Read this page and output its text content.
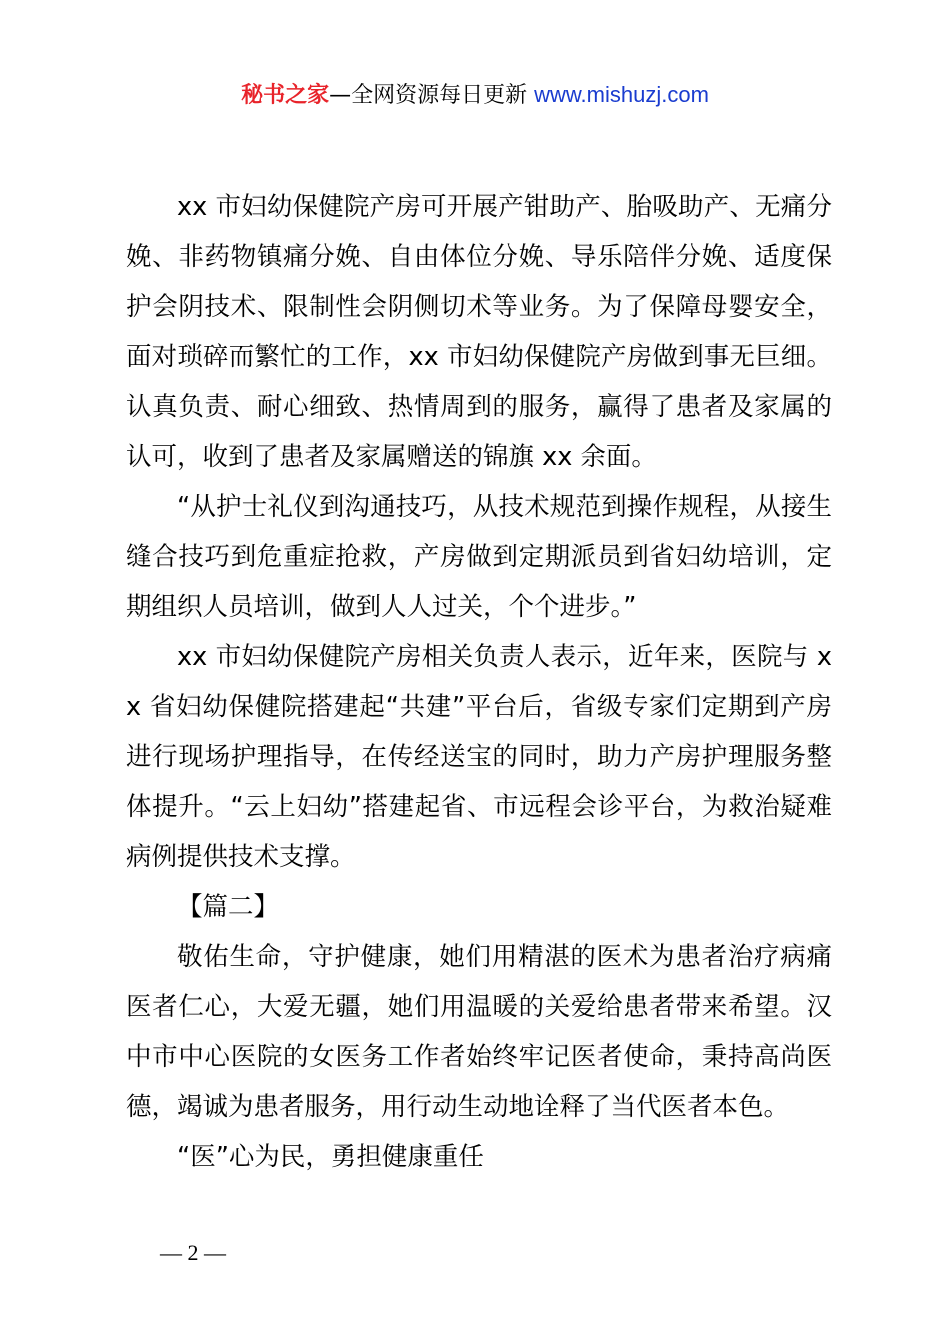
秘书之家—全网资源每日更新 www.mishuzj.com

xx 市妇幼保健院产房可开展产钳助产、胎吸助产、无痛分娩、非药物镇痛分娩、自由体位分娩、导乐陪伴分娩、适度保护会阴技术、限制性会阴侧切术等业务。为了保障母婴安全，面对琐碎而繁忙的工作，xx 市妇幼保健院产房做到事无巨细。认真负责、耐心细致、热情周到的服务，赢得了患者及家属的认可，收到了患者及家属赠送的锦旗 xx 余面。

“从护士礼仪到沟通技巧，从技术规范到操作规程，从接生缝合技巧到危重症抢救，产房做到定期派员到省妇幼培训，定期组织人员培训，做到人人过关，个个进步。”

xx 市妇幼保健院产房相关负责人表示，近年来，医院与 xx 省妇幼保健院搭建起“共建”平台后，省级专家们定期到产房进行现场护理指导，在传经送宝的同时，助力产房护理服务整体提升。“云上妇幼”搭建起省、市远程会诊平台，为救治疑难病例提供技术支撑。

【篇二】

敬佑生命，守护健康，她们用精湛的医术为患者治疗病痛医者仁心，大爱无疆，她们用温暖的关爱给患者带来希望。汉中市中心医院的女医务工作者始终牢记医者使命，秉持高尚医德，竭诚为患者服务，用行动生动地诠释了当代医者本色。

“医”心为民，勇担健康重任

— 2 —
